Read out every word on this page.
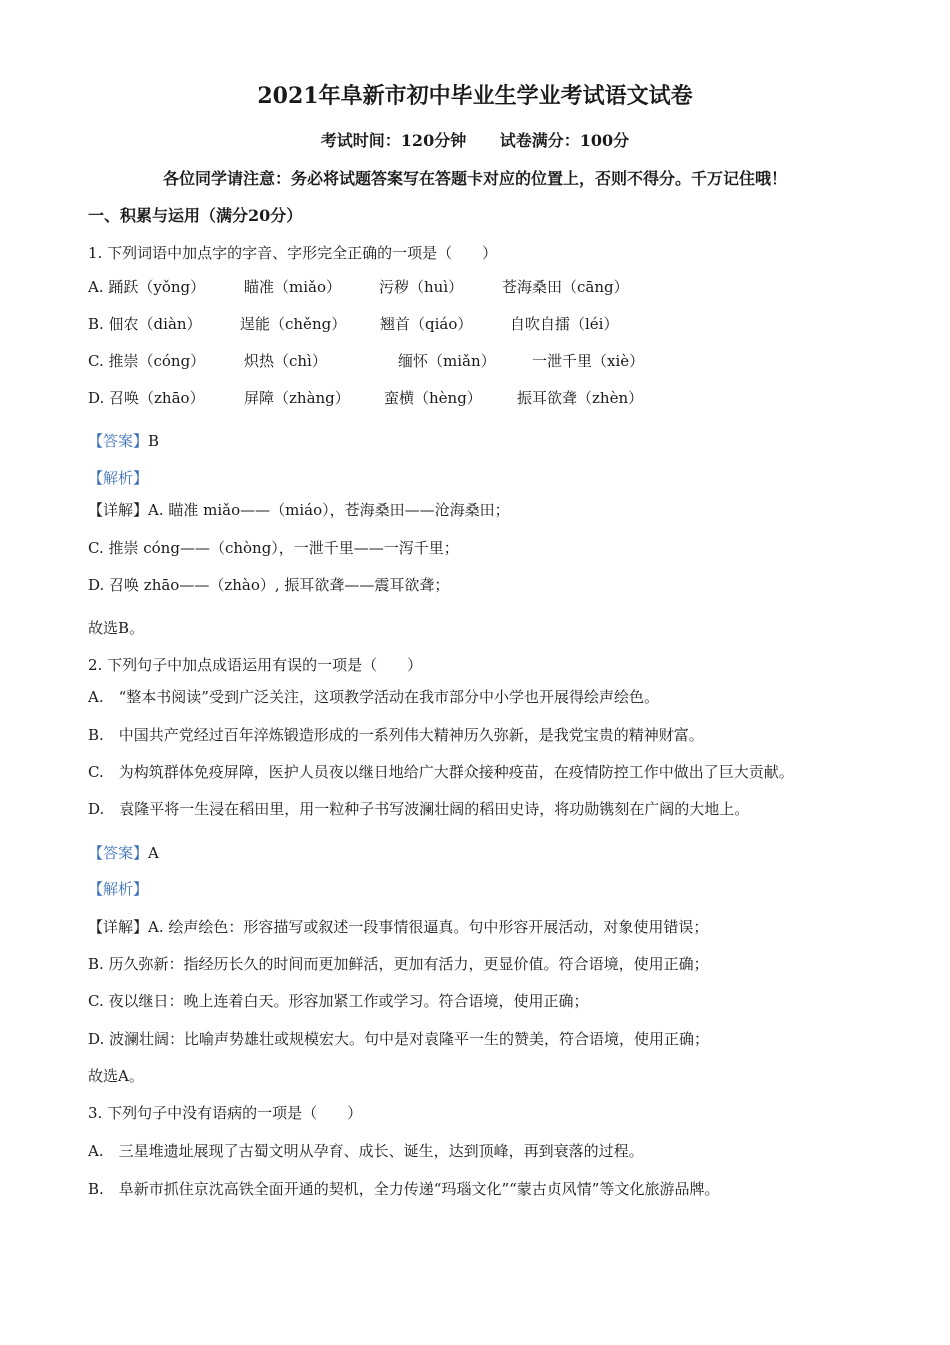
2021年阜新市初中毕业生学业考试语文试卷
考试时间：120分钟 试卷满分：100分
各位同学请注意：务必将试题答案写在答题卡对应的位置上，否则不得分。千万记住哦！
一、积累与运用（满分20分）
1. 下列词语中加点字的字音、字形完全正确的一项是（　　）
A. 踊跃（yǒng）	瞄准（miǎo）	污秽（huì）	苍海桑田（cāng）
B. 佃农（diàn）	逞能（chěng） 翘首（qiáo）	自吹自擂（léi）
C. 推崇（cóng）	炽热（chì）	缅怀（miǎn） 一泄千里（xiè）
D. 召唤（zhāo）	屏障（zhàng） 蛮横（hèng） 振耳欲聋（zhèn）
【答案】B
【解析】
【详解】A. 瞄准 miǎo——（miáo），苍海桑田——沧海桑田；
C. 推崇 cóng——（chòng），一泄千里——一泻千里；
D. 召唤 zhāo——（zhào）, 振耳欲聋——震耳欲聋；
故选B。
2. 下列句子中加点成语运用有误的一项是（　　）
A.　“整本书阅读”受到广泛关注，这项教学活动在我市部分中小学也开展得绘声绘色。
B.　中国共产党经过百年淬炼锻造形成的一系列伟大精神历久弥新，是我党宝贵的精神财富。
C.　为构筑群体免疫屏障，医护人员夜以继日地给广大群众接种疫苗，在疫情防控工作中做出了巨大贡献。
D.　袁隆平将一生浸在稻田里，用一粒种子书写波澜壮阔的稻田史诗，将功勋镌刻在广阔的大地上。
【答案】A
【解析】
【详解】A. 绘声绘色：形容描写或叙述一段事情很逼真。句中形容开展活动，对象使用错误；
B. 历久弥新：指经历长久的时间而更加鲜活，更加有活力，更显价值。符合语境，使用正确；
C. 夜以继日：晚上连着白天。形容加紧工作或学习。符合语境，使用正确；
D. 波澜壮阔：比喻声势雄壮或规模宏大。句中是对袁隆平一生的赞美，符合语境，使用正确；
故选A。
3. 下列句子中没有语病的一项是（　　）
A.　三星堆遗址展现了古蜀文明从孕育、成长、诞生，达到顶峰，再到衰落的过程。
B.　阜新市抓住京沈高铁全面开通的契机，全力传递“玛瑙文化”“蒙古贞风情”等文化旅游品牌。
